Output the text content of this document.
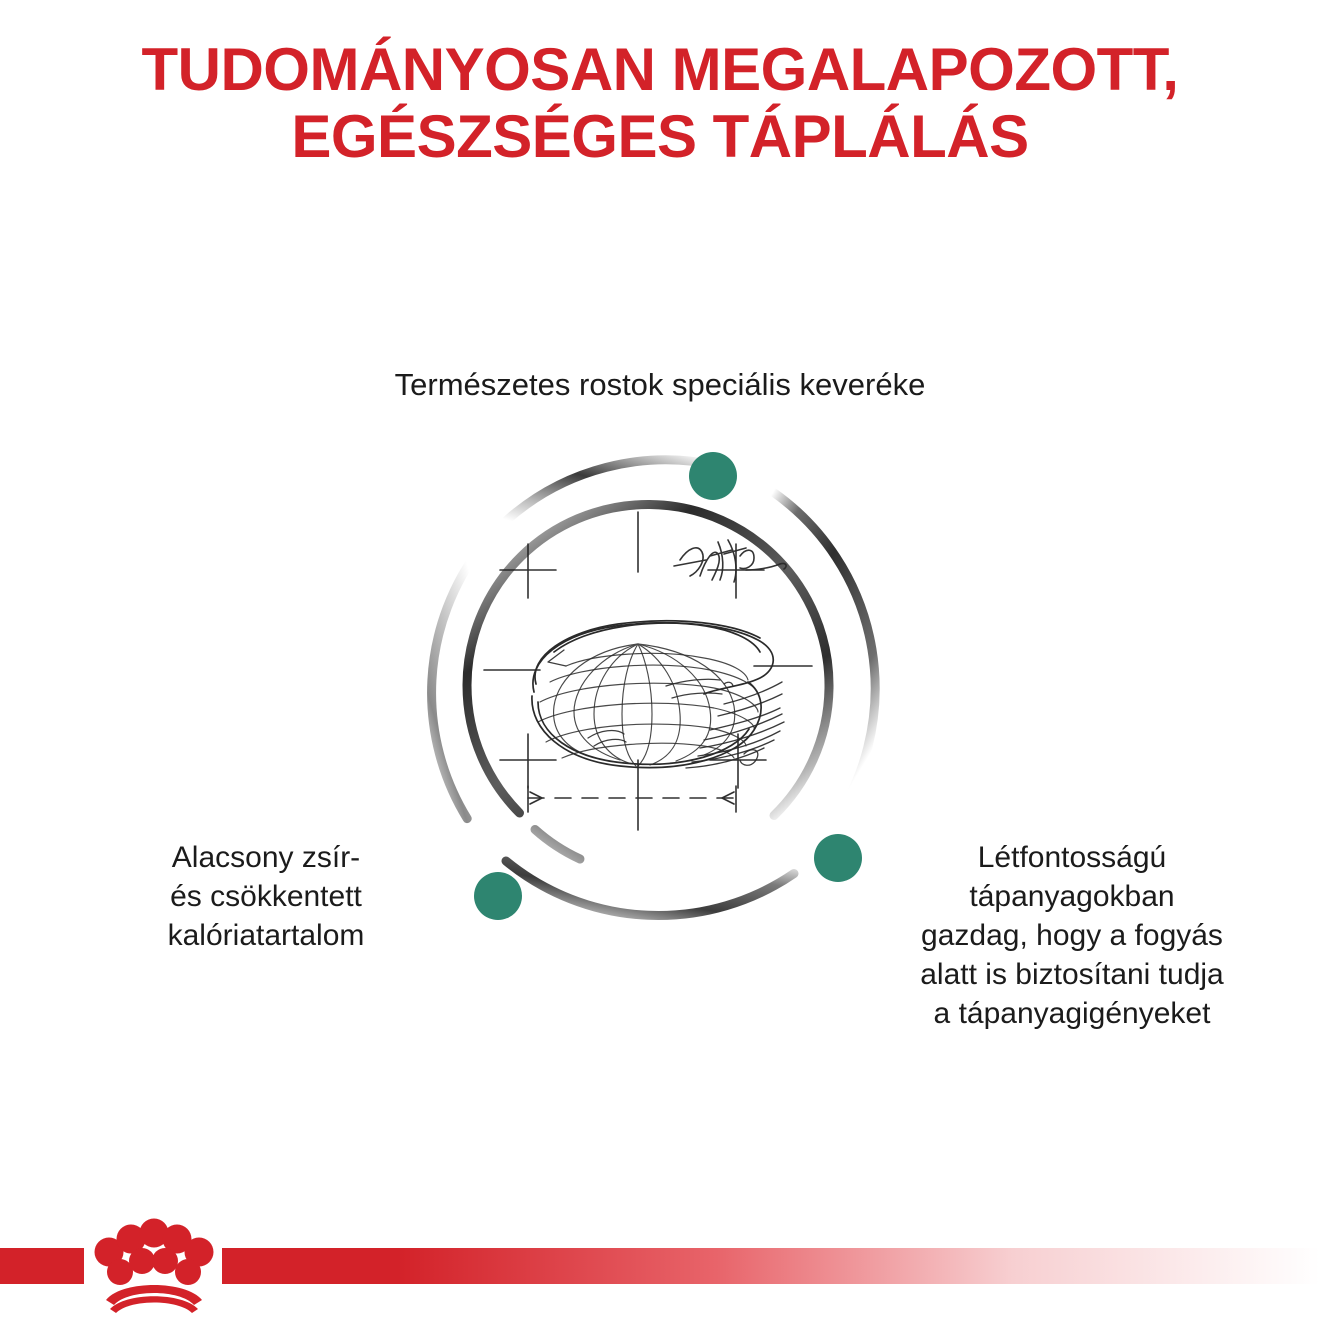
TUDOMÁNYOSAN MEGALAPOZOTT,
EGÉSZSÉGES TÁPLÁLÁS
Természetes rostok speciális keveréke
Alacsony zsír-
és csökkentett
kalóriatartalom
Létfontosságú
tápanyagokban
gazdag, hogy a fogyás
alatt is biztosítani tudja
a tápanyagigényeket
